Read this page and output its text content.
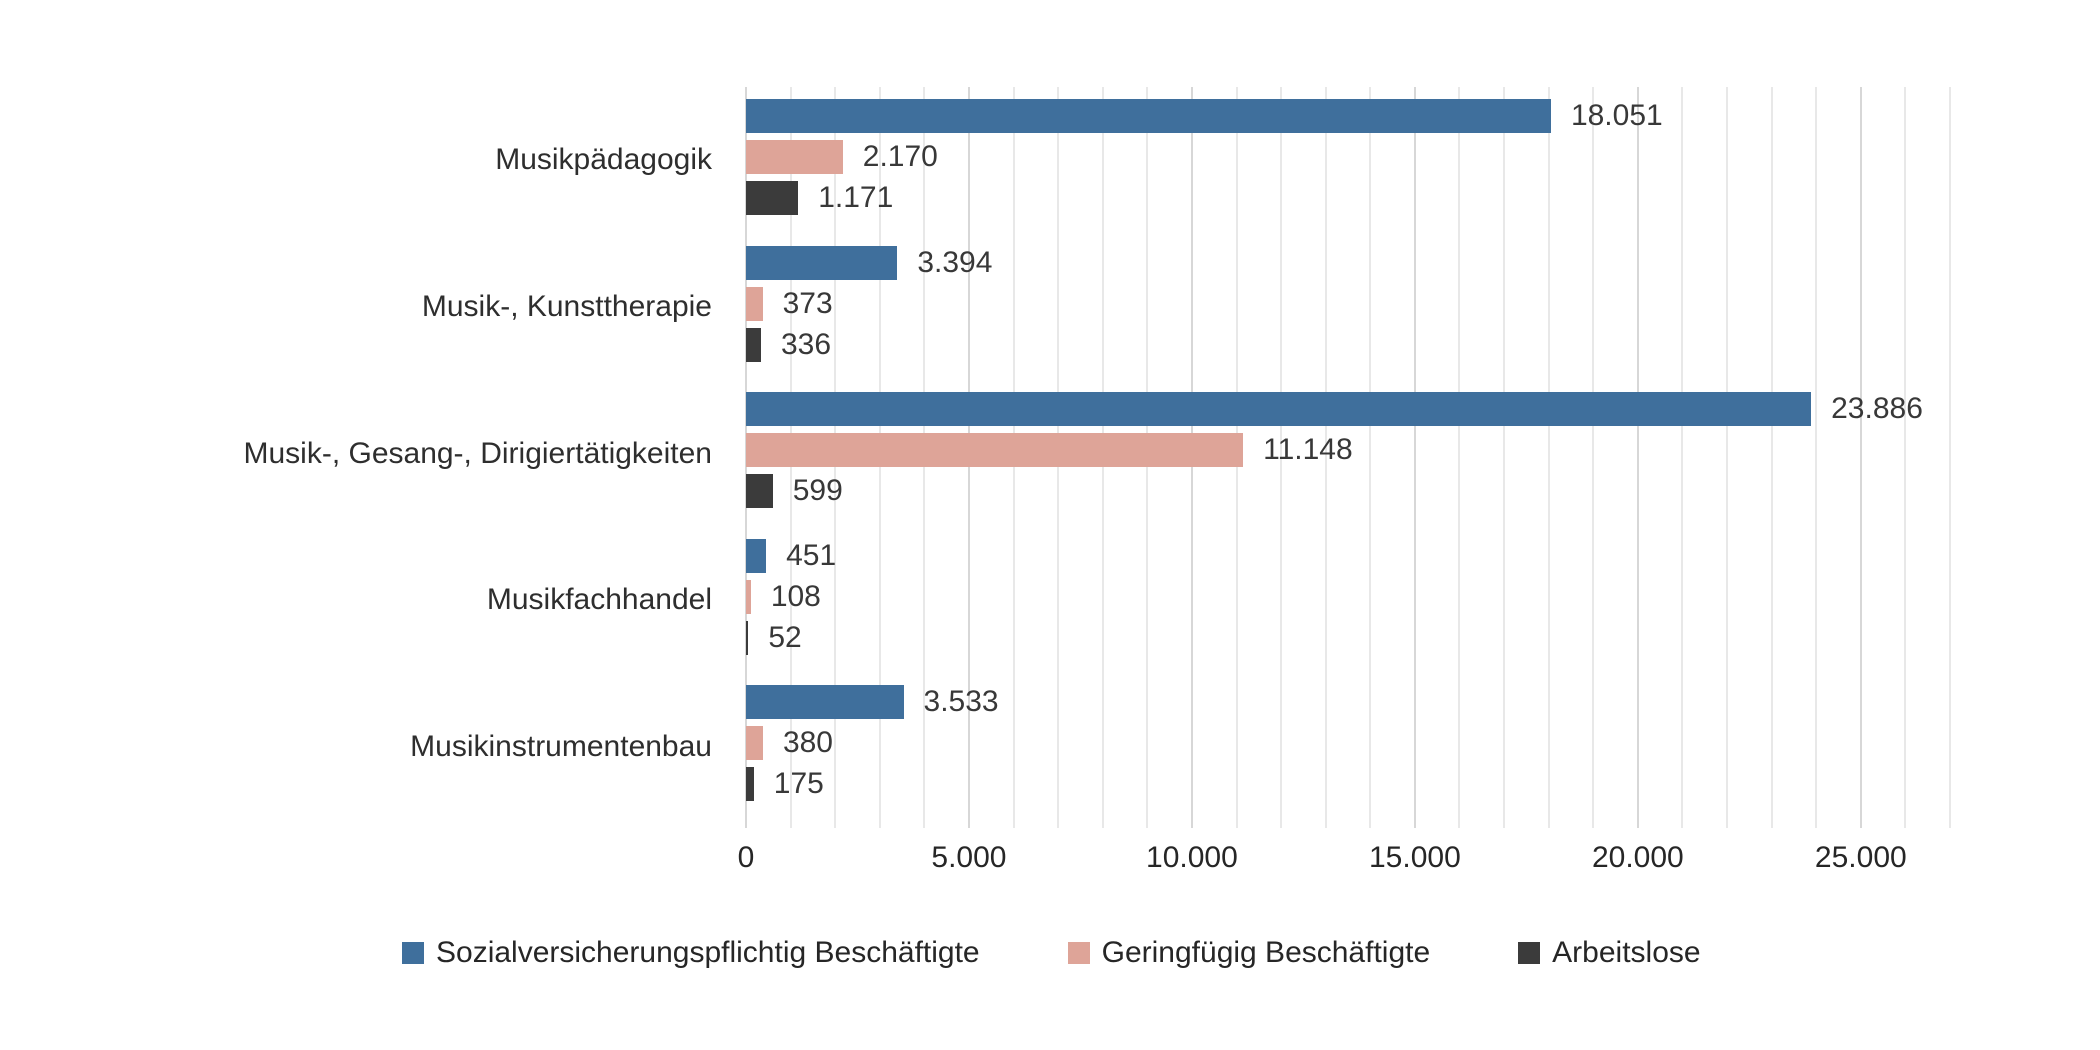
18.051
2.170
1.171
3.394
373
336
23.886
11.148
599
451
108
52
3.533
380
175
Musikpädagogik
Musik-, Kunsttherapie
Musik-, Gesang-, Dirigiertätigkeiten
Musikfachhandel
Musikinstrumentenbau
0	5.000	10.000	15.000	20.000	25.000
Sozialversicherungspflichtig Beschäftigte	Geringfügig Beschäftigte	Arbeitslose
